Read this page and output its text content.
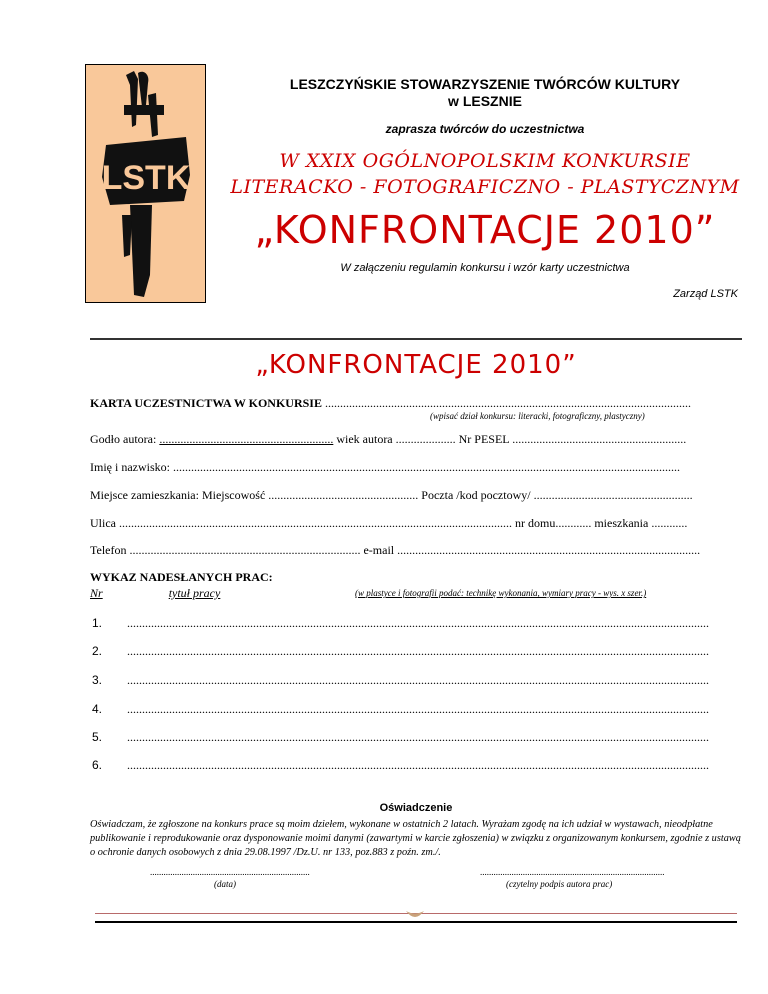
LSTK
LESZCZYŃSKIE STOWARZYSZENIE TWÓRCÓW KULTURY
w LESZNIE
zaprasza twórców do uczestnictwa
W XXIX OGÓLNOPOLSKIM KONKURSIE
LITERACKO - FOTOGRAFICZNO - PLASTYCZNYM
„KONFRONTACJE 2010”
W załączeniu regulamin konkursu i wzór karty uczestnictwa
Zarząd LSTK
„KONFRONTACJE 2010”
KARTA UCZESTNICTWA W KONKURSIE ..........................................................................................................................
(wpisać dział konkursu: literacki, fotograficzny, plastyczny)
Godło autora: .......................................................... wiek autora .................... Nr PESEL ..........................................................
Imię i nazwisko: .........................................................................................................................................................................
Miejsce zamieszkania: Miejscowość .................................................. Poczta /kod pocztowy/ .....................................................
Ulica ................................................................................................................................... nr domu............ mieszkania ............
Telefon ............................................................................. e-mail .....................................................................................................
WYKAZ NADESŁANYCH PRAC:
Nr	tytuł pracy	(w plastyce i fotografii podać: technikę wykonania, wymiary pracy - wys. x szer.)
1. ..................................................................................................................................................................................................
2. ..................................................................................................................................................................................................
3. ..................................................................................................................................................................................................
4. ..................................................................................................................................................................................................
5. ..................................................................................................................................................................................................
6. ..................................................................................................................................................................................................
Oświadczenie
Oświadczam, że zgłoszone na konkurs prace są moim dziełem, wykonane w ostatnich 2 latach. Wyrażam zgodę na ich udział w wystawach, nieodpłatne publikowanie i reprodukowanie oraz dysponowanie moimi danymi (zawartymi w karcie zgłoszenia) w związku z organizowanym konkursem, zgodnie z ustawą o ochronie danych osobowych z dnia 29.08.1997 /Dz.U. nr 133, poz.883 z poźn. zm./.
.......................................................................
(data)
..................................................................................
(czytelny podpis autora prac)
